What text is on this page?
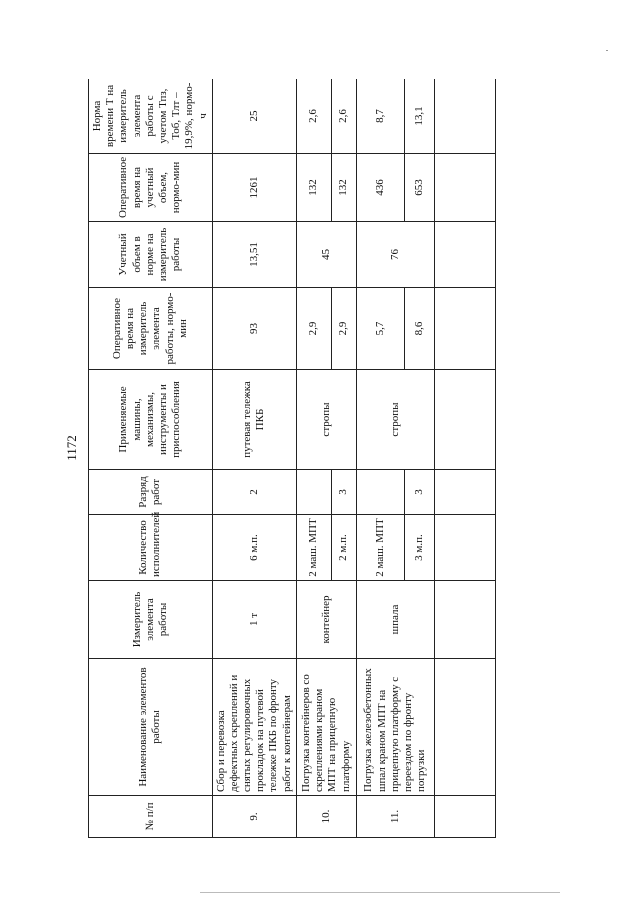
1172
№ п/п	Наименование элементов работы	Измеритель элемента работы	Количество исполнителей	Разряд работ	Применяемые машины, механизмы, инструменты и приспособления	Оперативное время на измеритель элемента работы, нормо-мин	Учетный объем в норме на измеритель работы	Оперативное время на учетный объем, нормо-мин	Норма времени Т на измеритель элемента работы с учетом Тпз, Тоб, Тлт – 19,9%, нормо-ч
9.	Сбор и перевозка дефектных скреплений и снятых регулировочных прокладок на путевой тележке ПКБ по фронту работ к контейнерам	1 т	6 м.п.	2	путевая тележка ПКБ	93	13,51	1261	25
10.	Погрузка контейнеров со скреплениями краном МПТ на прицепную платформу	контейнер	2 маш. МПТ		стропы	2,9	45	132	2,6
			2 м.п.	3		2,9		132	2,6
11.	Погрузка железобетонных шпал краном МПТ на прицепную платформу с переездом по фронту погрузки	шпала	2 маш. МПТ		стропы	5,7	76	436	8,7
			3 м.п.	3		8,6		653	13,1
